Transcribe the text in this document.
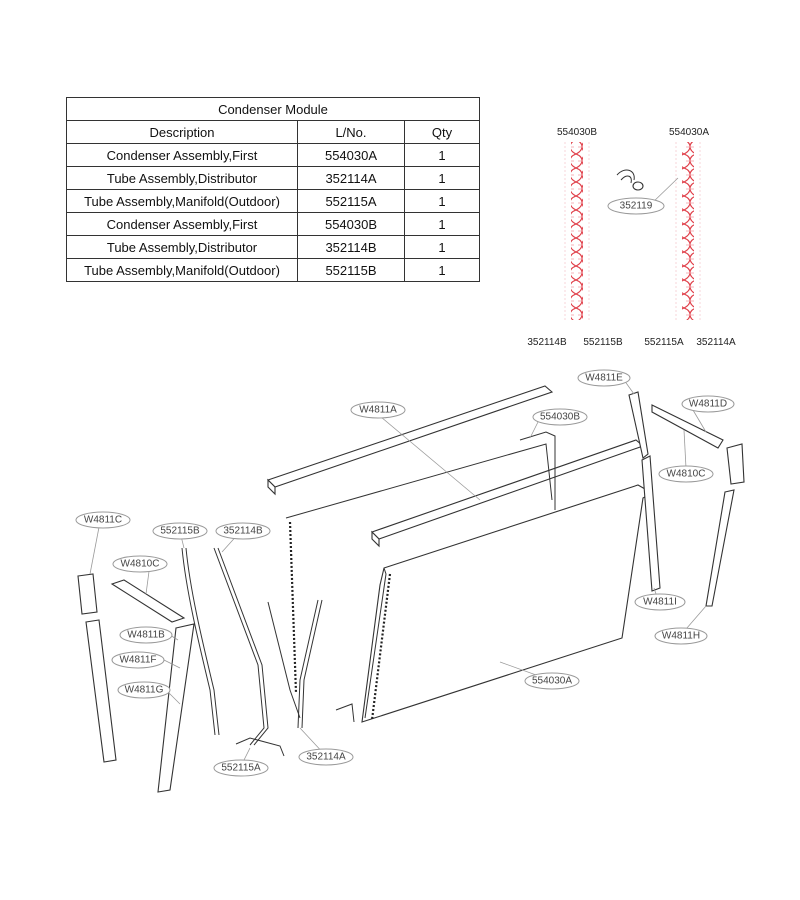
Condenser Module		
Description	L/No.	Qty
Condenser Assembly,First	554030A	1
Tube Assembly,Distributor	352114A	1
Tube Assembly,Manifold(Outdoor)	552115A	1
Condenser Assembly,First	554030B	1
Tube Assembly,Distributor	352114B	1
Tube Assembly,Manifold(Outdoor)	552115B	1
554030B	554030A
352119
352114B 552115B 552115A 352114A
W4811E
W4811A
554030B
W4811D
W4810C
W4811C
552115B 352114B
W4810C
W4811B
W4811F
W4811G
W4811I
W4811H
554030A
552115A
352114A
